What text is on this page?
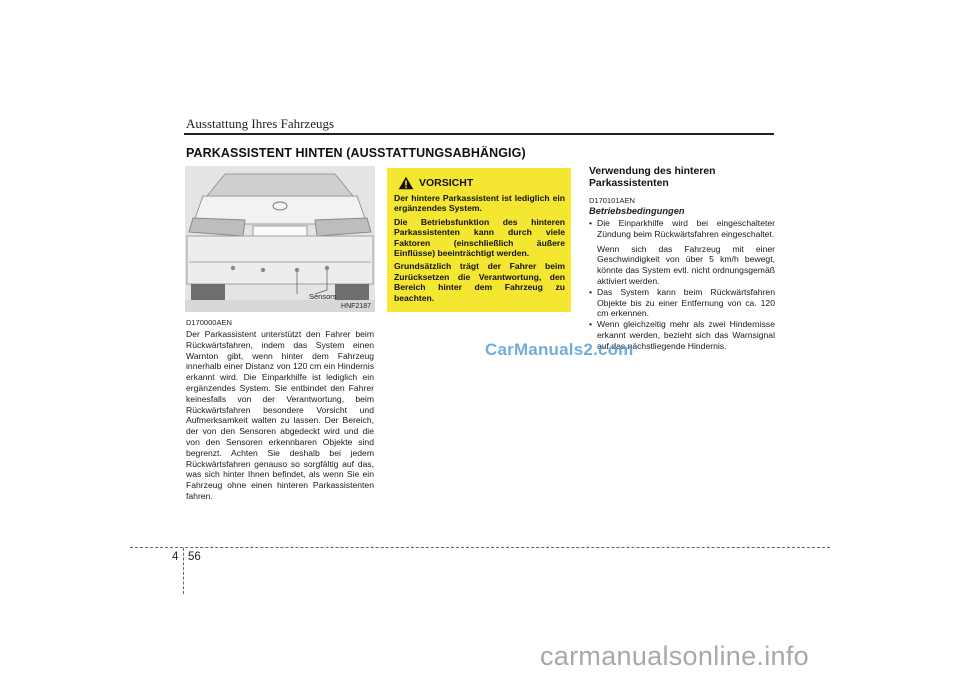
Ausstattung Ihres Fahrzeugs
PARKASSISTENT HINTEN (AUSSTATTUNGSABHÄNGIG)
Sensors
HNF2187
D170000AEN
Der Parkassistent unterstützt den Fahrer beim Rückwärtsfahren, indem das System einen Warnton gibt, wenn hinter dem Fahrzeug innerhalb einer Distanz von 120 cm ein Hindernis erkannt wird. Die Einparkhilfe ist lediglich ein ergänzendes System. Sie entbindet den Fahrer keinesfalls von der Verantwortung, beim Rückwärtsfahren besondere Vorsicht und Aufmerksamkeit walten zu lassen. Der Bereich, der von den Sensoren abgedeckt wird und die von den Sensoren erkennbaren Objekte sind begrenzt. Achten Sie deshalb bei jedem Rückwärtsfahren genauso so sorgfältig auf das, was sich hinter Ihnen befindet, als wenn Sie ein Fahrzeug ohne einen hinteren Parkassistenten fahren.
VORSICHT

Der hintere Parkassistent ist lediglich ein ergänzendes System.

Die Betriebsfunktion des hinteren Parkassistenten kann durch viele Faktoren (einschließlich äußere Einflüsse) beeinträchtigt werden.

Grundsätzlich trägt der Fahrer beim Zurücksetzen die Verantwortung, den Bereich hinter dem Fahrzeug zu beachten.

Verwendung des hinteren Parkassistenten
D170101AEN
Betriebsbedingungen
• Die Einparkhilfe wird bei eingeschalteter Zündung beim Rückwärtsfahren eingeschaltet.
Wenn sich das Fahrzeug mit einer Geschwindigkeit von über 5 km/h bewegt, könnte das System evtl. nicht ordnungsgemäß aktiviert werden.
• Das System kann beim Rückwärtsfahren Objekte bis zu einer Entfernung von ca. 120 cm erkennen.
• Wenn gleichzeitig mehr als zwei Hindernisse erkannt werden, bezieht sich das Warnsignal auf das nächstliegende Hindernis.
CarManuals2.com
4 56
carmanualsonline.info
